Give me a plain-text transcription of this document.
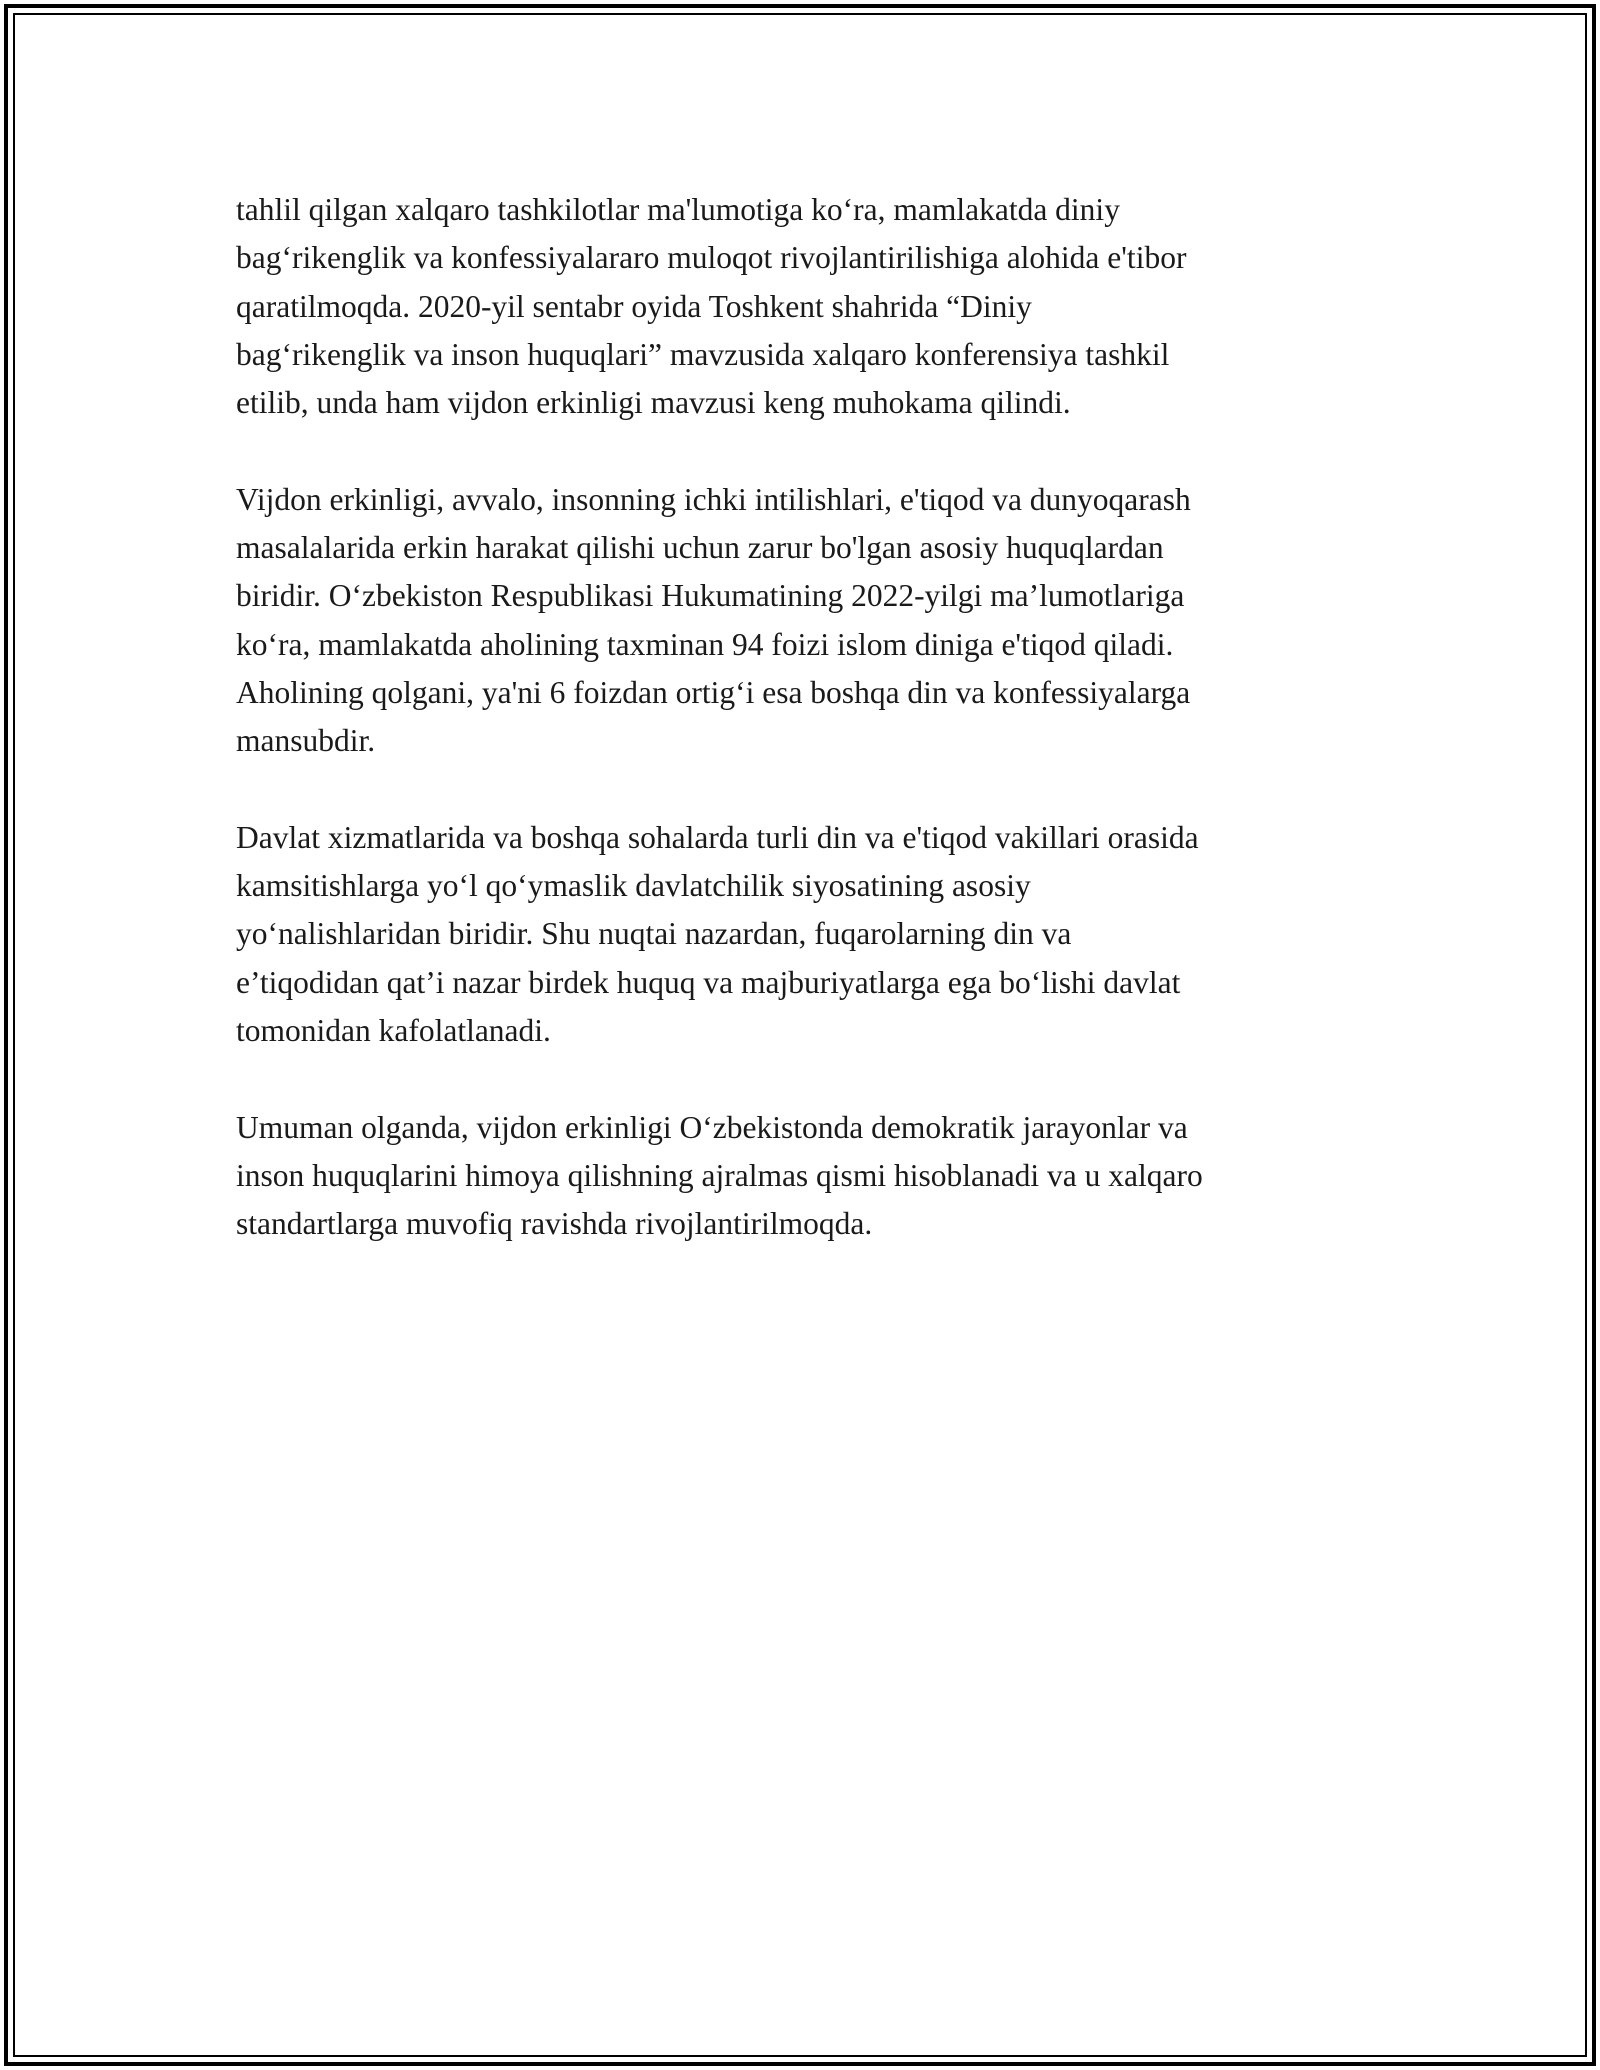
tahlil qilgan xalqaro tashkilotlar ma'lumotiga ko‘ra, mamlakatda diniy
bag‘rikenglik va konfessiyalararo muloqot rivojlantirilishiga alohida e'tibor
qaratilmoqda. 2020-yil sentabr oyida Toshkent shahrida “Diniy
bag‘rikenglik va inson huquqlari” mavzusida xalqaro konferensiya tashkil
etilib, unda ham vijdon erkinligi mavzusi keng muhokama qilindi.

Vijdon erkinligi, avvalo, insonning ichki intilishlari, e'tiqod va dunyoqarash
masalalarida erkin harakat qilishi uchun zarur bo'lgan asosiy huquqlardan
biridir. O‘zbekiston Respublikasi Hukumatining 2022-yilgi ma’lumotlariga
ko‘ra, mamlakatda aholining taxminan 94 foizi islom diniga e'tiqod qiladi.
Aholining qolgani, ya'ni 6 foizdan ortig‘i esa boshqa din va konfessiyalarga
mansubdir.

Davlat xizmatlarida va boshqa sohalarda turli din va e'tiqod vakillari orasida
kamsitishlarga yo‘l qo‘ymaslik davlatchilik siyosatining asosiy
yo‘nalishlaridan biridir. Shu nuqtai nazardan, fuqarolarning din va
e’tiqodidan qat’i nazar birdek huquq va majburiyatlarga ega bo‘lishi davlat
tomonidan kafolatlanadi.

Umuman olganda, vijdon erkinligi O‘zbekistonda demokratik jarayonlar va
inson huquqlarini himoya qilishning ajralmas qismi hisoblanadi va u xalqaro
standartlarga muvofiq ravishda rivojlantirilmoqda.
